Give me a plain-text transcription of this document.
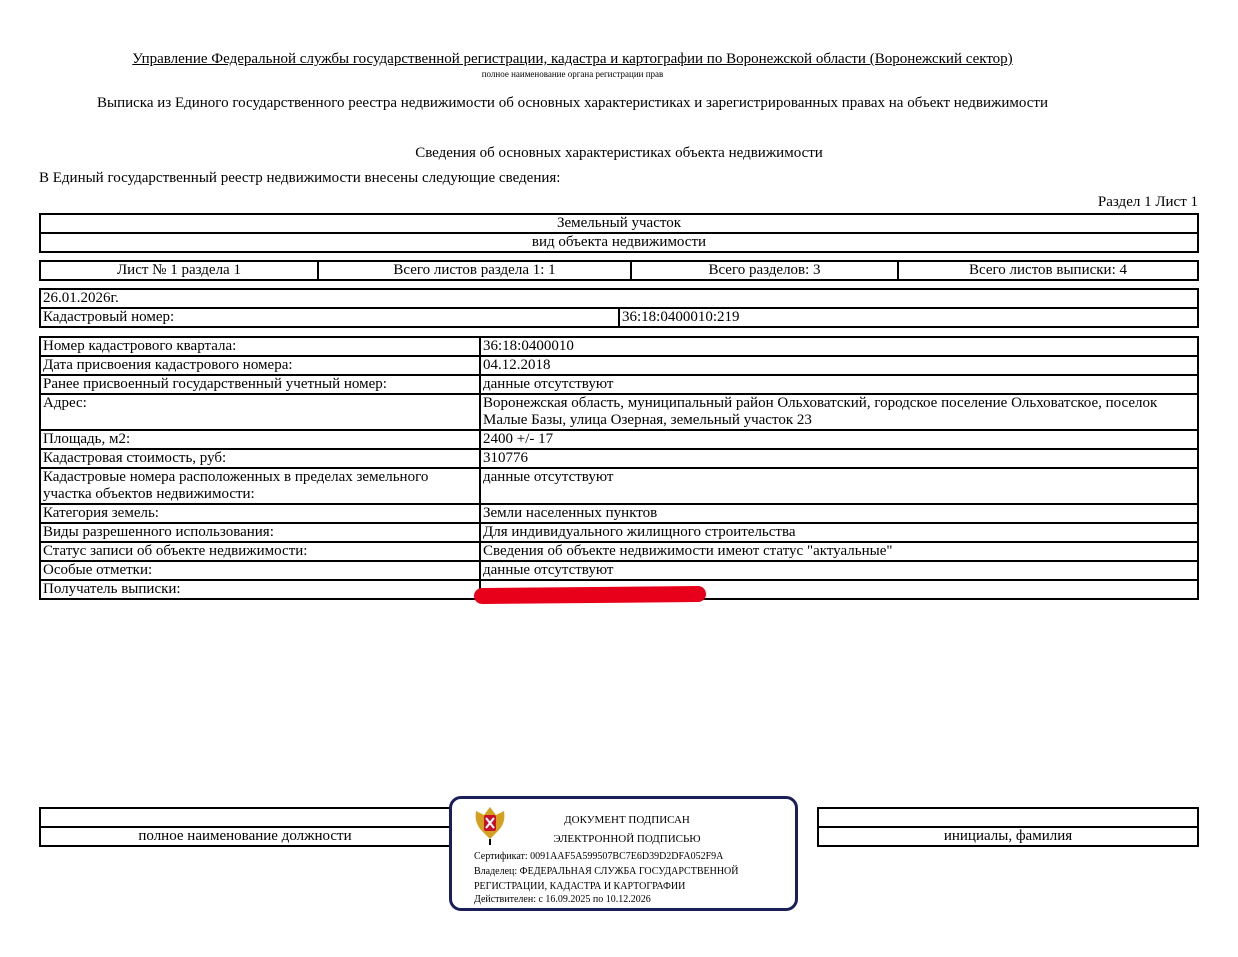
Управление Федеральной службы государственной регистрации, кадастра и картографии по Воронежской области (Воронежский сектор)
полное наименование органа регистрации прав
Выписка из Единого государственного реестра недвижимости об основных характеристиках и зарегистрированных правах на объект недвижимости
Сведения об основных характеристиках объекта недвижимости
В Единый государственный реестр недвижимости внесены следующие сведения:
Раздел 1 Лист 1
Земельный участок
вид объекта недвижимости
Лист № 1 раздела 1	Всего листов раздела 1: 1	Всего разделов: 3	Всего листов выписки: 4
26.01.2026г.
Кадастровый номер:	36:18:0400010:219
Номер кадастрового квартала:	36:18:0400010
Дата присвоения кадастрового номера:	04.12.2018
Ранее присвоенный государственный учетный номер:	данные отсутствуют
Адрес:	Воронежская область, муниципальный район Ольховатский, городское поселение Ольховатское, поселок Малые Базы, улица Озерная, земельный участок 23
Площадь, м2:	2400 +/- 17
Кадастровая стоимость, руб:	310776
Кадастровые номера расположенных в пределах земельного участка объектов недвижимости:	данные отсутствуют
Категория земель:	Земли населенных пунктов
Виды разрешенного использования:	Для индивидуального жилищного строительства
Статус записи об объекте недвижимости:	Сведения об объекте недвижимости имеют статус "актуальные"
Особые отметки:	данные отсутствуют
Получатель выписки:	

полное наименование должности		инициалы, фамилия
ДОКУМЕНТ ПОДПИСАН
ЭЛЕКТРОННОЙ ПОДПИСЬЮ
Сертификат: 0091AAF5A599507BC7E6D39D2DFA052F9A
Владелец: ФЕДЕРАЛЬНАЯ СЛУЖБА ГОСУДАРСТВЕННОЙ
РЕГИСТРАЦИИ, КАДАСТРА И КАРТОГРАФИИ
Действителен: с 16.09.2025 по 10.12.2026
